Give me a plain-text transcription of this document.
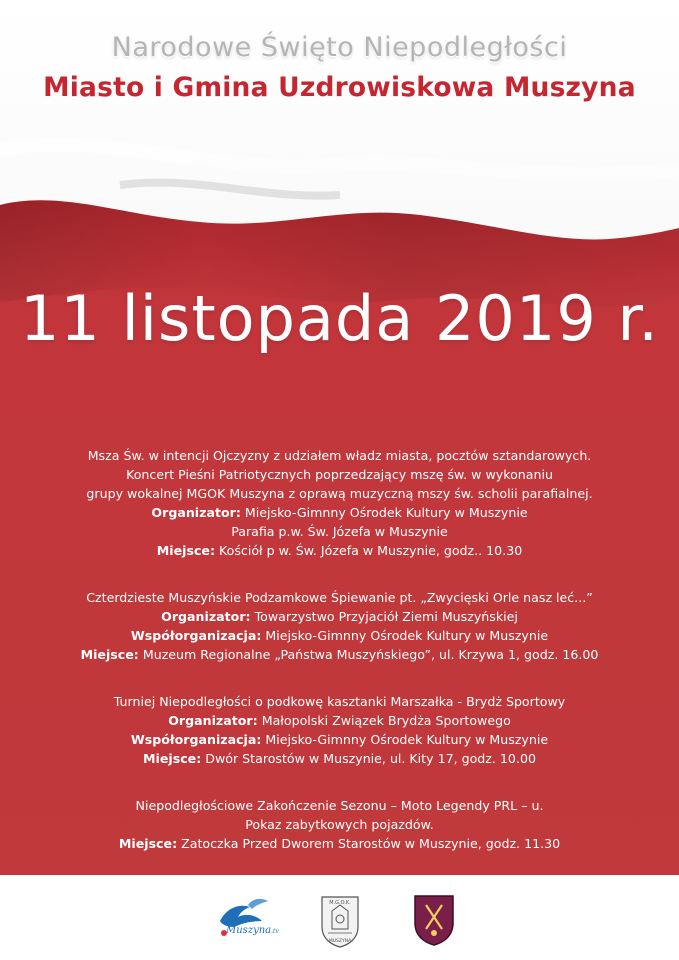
Narodowe Święto Niepodległości
Miasto i Gmina Uzdrowiskowa Muszyna
11 listopada 2019 r.
Msza Św. w intencji Ojczyzny z udziałem władz miasta, pocztów sztandarowych.
Koncert Pieśni Patriotycznych poprzedzający mszę św. w wykonaniu
grupy wokalnej MGOK Muszyna z oprawą muzyczną mszy św. scholii parafialnej.
Organizator: Miejsko-Gimnny Ośrodek Kultury w Muszynie
Parafia p.w. Św. Józefa w Muszynie
Miejsce: Kościół p w. Św. Józefa w Muszynie, godz.. 10.30
Czterdzieste Muszyńskie Podzamkowe Śpiewanie pt. „Zwycięski Orle nasz leć...”
Organizator: Towarzystwo Przyjaciół Ziemi Muszyńskiej
Współorganizacja: Miejsko-Gimnny Ośrodek Kultury w Muszynie
Miejsce: Muzeum Regionalne „Państwa Muszyńskiego”, ul. Krzywa 1, godz. 16.00
Turniej Niepodległości o podkowę kasztanki Marszałka - Brydż Sportowy
Organizator: Małopolski Związek Brydża Sportowego
Współorganizacja: Miejsko-Gimnny Ośrodek Kultury w Muszynie
Miejsce: Dwór Starostów w Muszynie, ul. Kity 17, godz. 10.00
Niepodległościowe Zakończenie Sezonu – Moto Legendy PRL – u.
Pokaz zabytkowych pojazdów.
Miejsce: Zatoczka Przed Dworem Starostów w Muszynie, godz. 11.30
Muszyna.tv
M.G.O.K.
MUSZYNA
